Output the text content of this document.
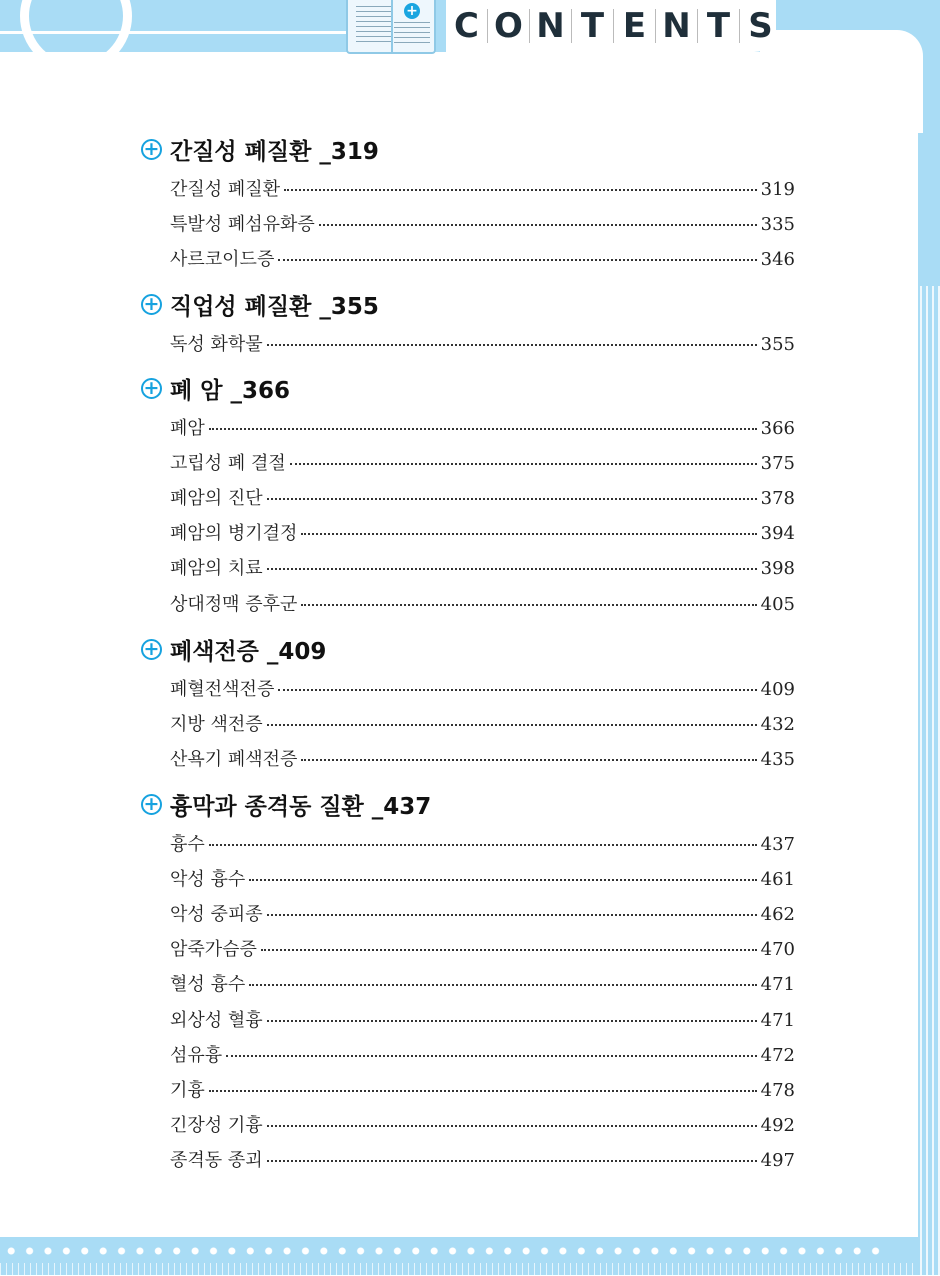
+ C O N T E N T S
+ 간질성 폐질환 _319
간질성 폐질환	319
특발성 폐섬유화증	335
사르코이드증	346
+ 직업성 폐질환 _355
독성 화학물	355
+ 폐 암 _366
폐암	366
고립성 폐 결절	375
폐암의 진단	378
폐암의 병기결정	394
폐암의 치료	398
상대정맥 증후군	405
+ 폐색전증 _409
폐혈전색전증	409
지방 색전증	432
산욕기 폐색전증	435
+ 흉막과 종격동 질환 _437
흉수	437
악성 흉수	461
악성 중피종	462
암죽가슴증	470
혈성 흉수	471
외상성 혈흉	471
섬유흉	472
기흉	478
긴장성 기흉	492
종격동 종괴	497
